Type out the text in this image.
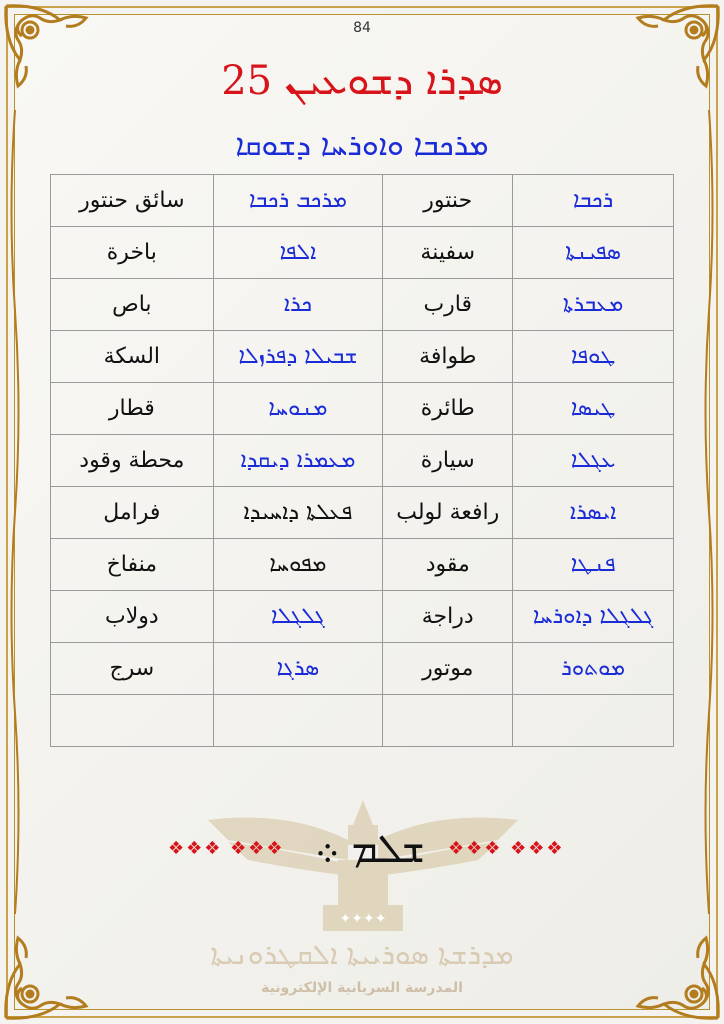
84
25 ܣܕܪܐ ܕܫܘܥܝܢ
ܡܪܟܒܐ ܘܐܘܪܚܐ ܕܫܘܩܐ
ܪܟܒܐ	حنتور	ܡܪܟܒ ܪܟܒܐ	سائق حنتور
ܣܦܝܢܬܐ	سفينة	ܐܠܦܐ	باخرة
ܡܥܒܪܬܐ	قارب	ܟܪܐ	باص
ܛܘܦܐ	طوافة	ܫܒܝܠܐ ܕܦܪܙܠܐ	السكة
ܛܝܣܐ	طائرة	ܡܢܘܚܐ	قطار
ܥܓܠܐ	سيارة	ܡܥܡܪܐ ܕܝܩܕܐ	محطة وقود
ܐܝܣܪܐ	رافعة لولب	ܦܥܠܬܐ ܕܐܚܝܕܐ	فرامل
ܦܢܛܐ	مقود	ܡܦܘܚܐ	منفاخ
ܓܠܓܠܐ ܕܐܘܪܚܐ	دراجة	ܓܠܓܠܐ	دولاب
ܡܘܬܘܪ	موتور	ܣܪܓܐ	سرج

✦✦✦✦
❖❖❖ ❖❖❖ ܫܠܡ ܀	❖❖❖ ❖❖❖
ܡܕܪܫܬܐ ܣܘܪܝܝܬܐ ܐܠܩܛܪܘܢܝܬܐ
المدرسة السريانية الإلكترونية
